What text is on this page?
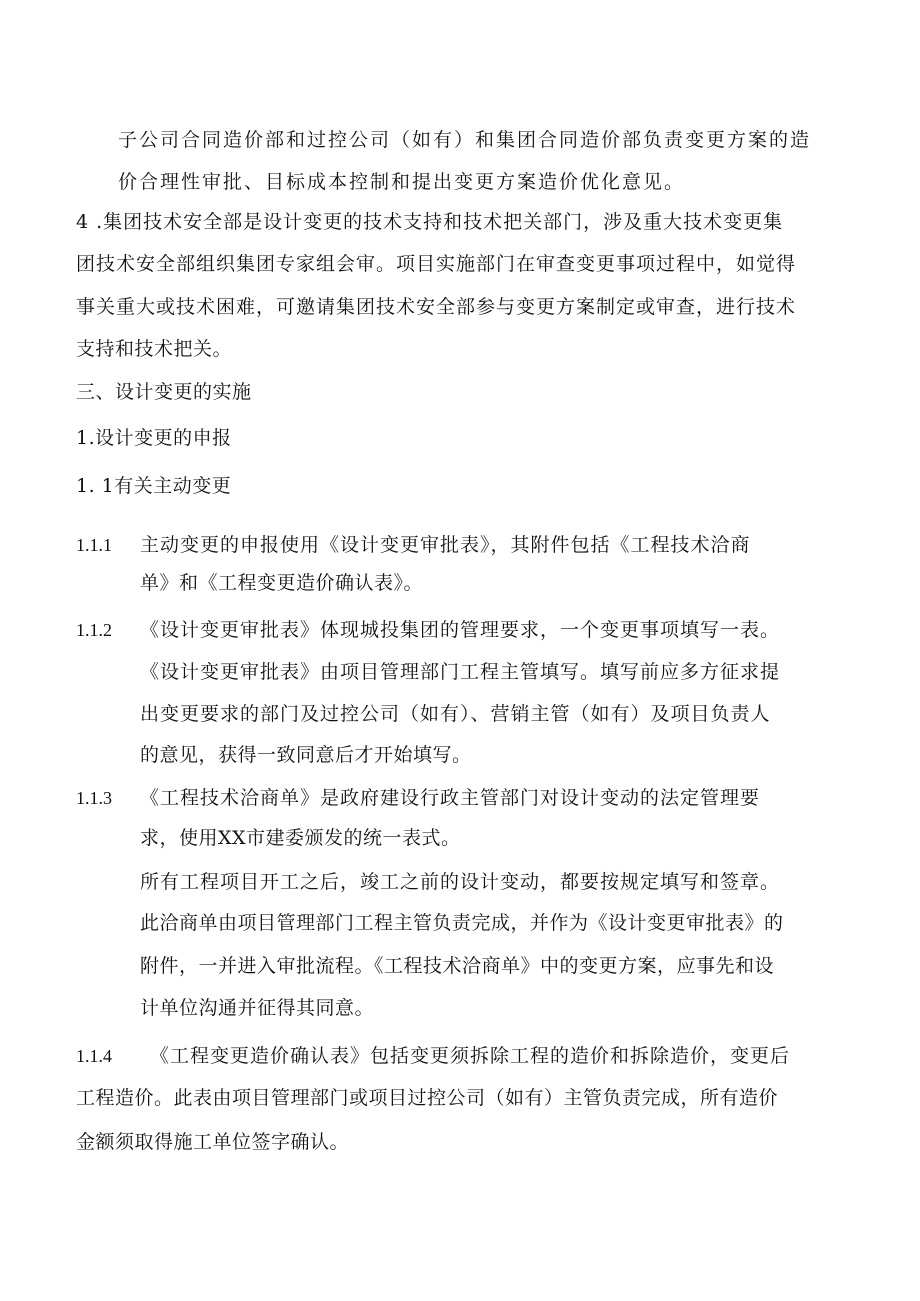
子公司合同造价部和过控公司（如有）和集团合同造价部负责变更方案的造
价合理性审批、目标成本控制和提出变更方案造价优化意见。
4 .集团技术安全部是设计变更的技术支持和技术把关部门，涉及重大技术变更集
团技术安全部组织集团专家组会审。项目实施部门在审查变更事项过程中，如觉得
事关重大或技术困难，可邀请集团技术安全部参与变更方案制定或审查，进行技术
支持和技术把关。
三、设计变更的实施
1.设计变更的申报
1. 1有关主动变更
1.1.1 主动变更的申报使用《设计变更审批表》，其附件包括《工程技术洽商
单》和《工程变更造价确认表》。
1.1.2 《设计变更审批表》体现城投集团的管理要求，一个变更事项填写一表。
《设计变更审批表》由项目管理部门工程主管填写。填写前应多方征求提
出变更要求的部门及过控公司（如有）、营销主管（如有）及项目负责人
的意见，获得一致同意后才开始填写。
1.1.3 《工程技术洽商单》是政府建设行政主管部门对设计变动的法定管理要
求，使用XX市建委颁发的统一表式。
所有工程项目开工之后，竣工之前的设计变动，都要按规定填写和签章。
此洽商单由项目管理部门工程主管负责完成，并作为《设计变更审批表》的
附件，一并进入审批流程。《工程技术洽商单》中的变更方案，应事先和设
计单位沟通并征得其同意。
1.1.4 《工程变更造价确认表》包括变更须拆除工程的造价和拆除造价，变更后
工程造价。此表由项目管理部门或项目过控公司（如有）主管负责完成，所有造价
金额须取得施工单位签字确认。
